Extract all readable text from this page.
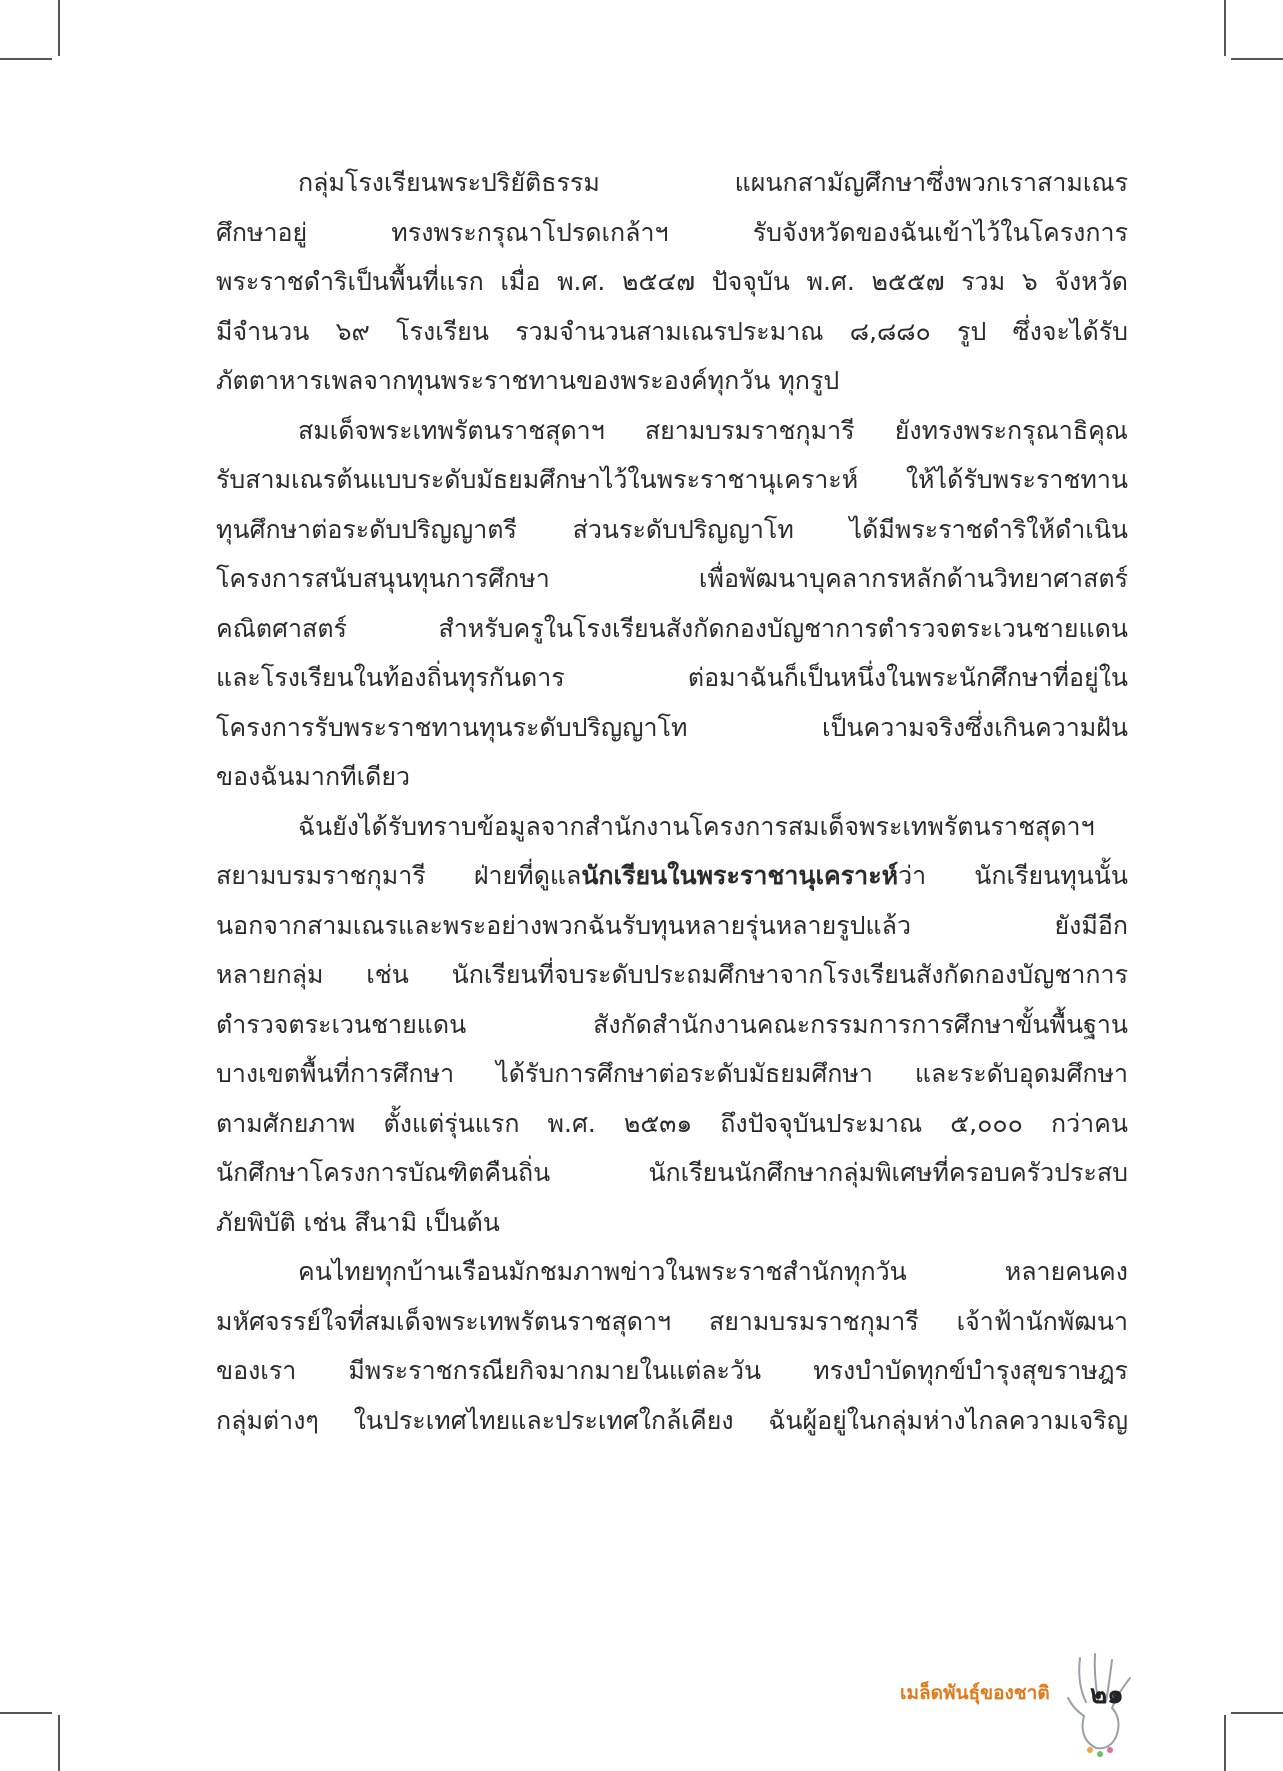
กลุ่มโรงเรียนพระปริยัติธรรม แผนกสามัญศึกษาซึ่งพวกเราสามเณร
ศึกษาอยู่ ทรงพระกรุณาโปรดเกล้าฯ รับจังหวัดของฉันเข้าไว้ในโครงการ
พระราชดำริเป็นพื้นที่แรก เมื่อ พ.ศ. ๒๕๔๗ ปัจจุบัน พ.ศ. ๒๕๕๗ รวม ๖ จังหวัด
มีจำนวน ๖๙ โรงเรียน รวมจำนวนสามเณรประมาณ ๘,๘๘๐ รูป ซึ่งจะได้รับ
ภัตตาหารเพลจากทุนพระราชทานของพระองค์ทุกวัน ทุกรูป
สมเด็จพระเทพรัตนราชสุดาฯ สยามบรมราชกุมารี ยังทรงพระกรุณาธิคุณ
รับสามเณรต้นแบบระดับมัธยมศึกษาไว้ในพระราชานุเคราะห์ ให้ได้รับพระราชทาน
ทุนศึกษาต่อระดับปริญญาตรี ส่วนระดับปริญญาโท ได้มีพระราชดำริให้ดำเนิน
โครงการสนับสนุนทุนการศึกษา เพื่อพัฒนาบุคลากรหลักด้านวิทยาศาสตร์
คณิตศาสตร์ สำหรับครูในโรงเรียนสังกัดกองบัญชาการตำรวจตระเวนชายแดน
และโรงเรียนในท้องถิ่นทุรกันดาร ต่อมาฉันก็เป็นหนึ่งในพระนักศึกษาที่อยู่ใน
โครงการรับพระราชทานทุนระดับปริญญาโท เป็นความจริงซึ่งเกินความฝัน
ของฉันมากทีเดียว
ฉันยังได้รับทราบข้อมูลจากสำนักงานโครงการสมเด็จพระเทพรัตนราชสุดาฯ
สยามบรมราชกุมารี ฝ่ายที่ดูแลนักเรียนในพระราชานุเคราะห์ว่า นักเรียนทุนนั้น
นอกจากสามเณรและพระอย่างพวกฉันรับทุนหลายรุ่นหลายรูปแล้ว ยังมีอีก
หลายกลุ่ม เช่น นักเรียนที่จบระดับประถมศึกษาจากโรงเรียนสังกัดกองบัญชาการ
ตำรวจตระเวนชายแดน สังกัดสำนักงานคณะกรรมการการศึกษาขั้นพื้นฐาน
บางเขตพื้นที่การศึกษา ได้รับการศึกษาต่อระดับมัธยมศึกษา และระดับอุดมศึกษา
ตามศักยภาพ ตั้งแต่รุ่นแรก พ.ศ. ๒๕๓๑ ถึงปัจจุบันประมาณ ๕,๐๐๐ กว่าคน
นักศึกษาโครงการบัณฑิตคืนถิ่น นักเรียนนักศึกษากลุ่มพิเศษที่ครอบครัวประสบ
ภัยพิบัติ เช่น สึนามิ เป็นต้น
คนไทยทุกบ้านเรือนมักชมภาพข่าวในพระราชสำนักทุกวัน หลายคนคง
มหัศจรรย์ใจที่สมเด็จพระเทพรัตนราชสุดาฯ สยามบรมราชกุมารี เจ้าฟ้านักพัฒนา
ของเรา มีพระราชกรณียกิจมากมายในแต่ละวัน ทรงบำบัดทุกข์บำรุงสุขราษฎร
กลุ่มต่างๆ ในประเทศไทยและประเทศใกล้เคียง ฉันผู้อยู่ในกลุ่มห่างไกลความเจริญ
เมล็ดพันธุ์ของชาติ ๒๑
